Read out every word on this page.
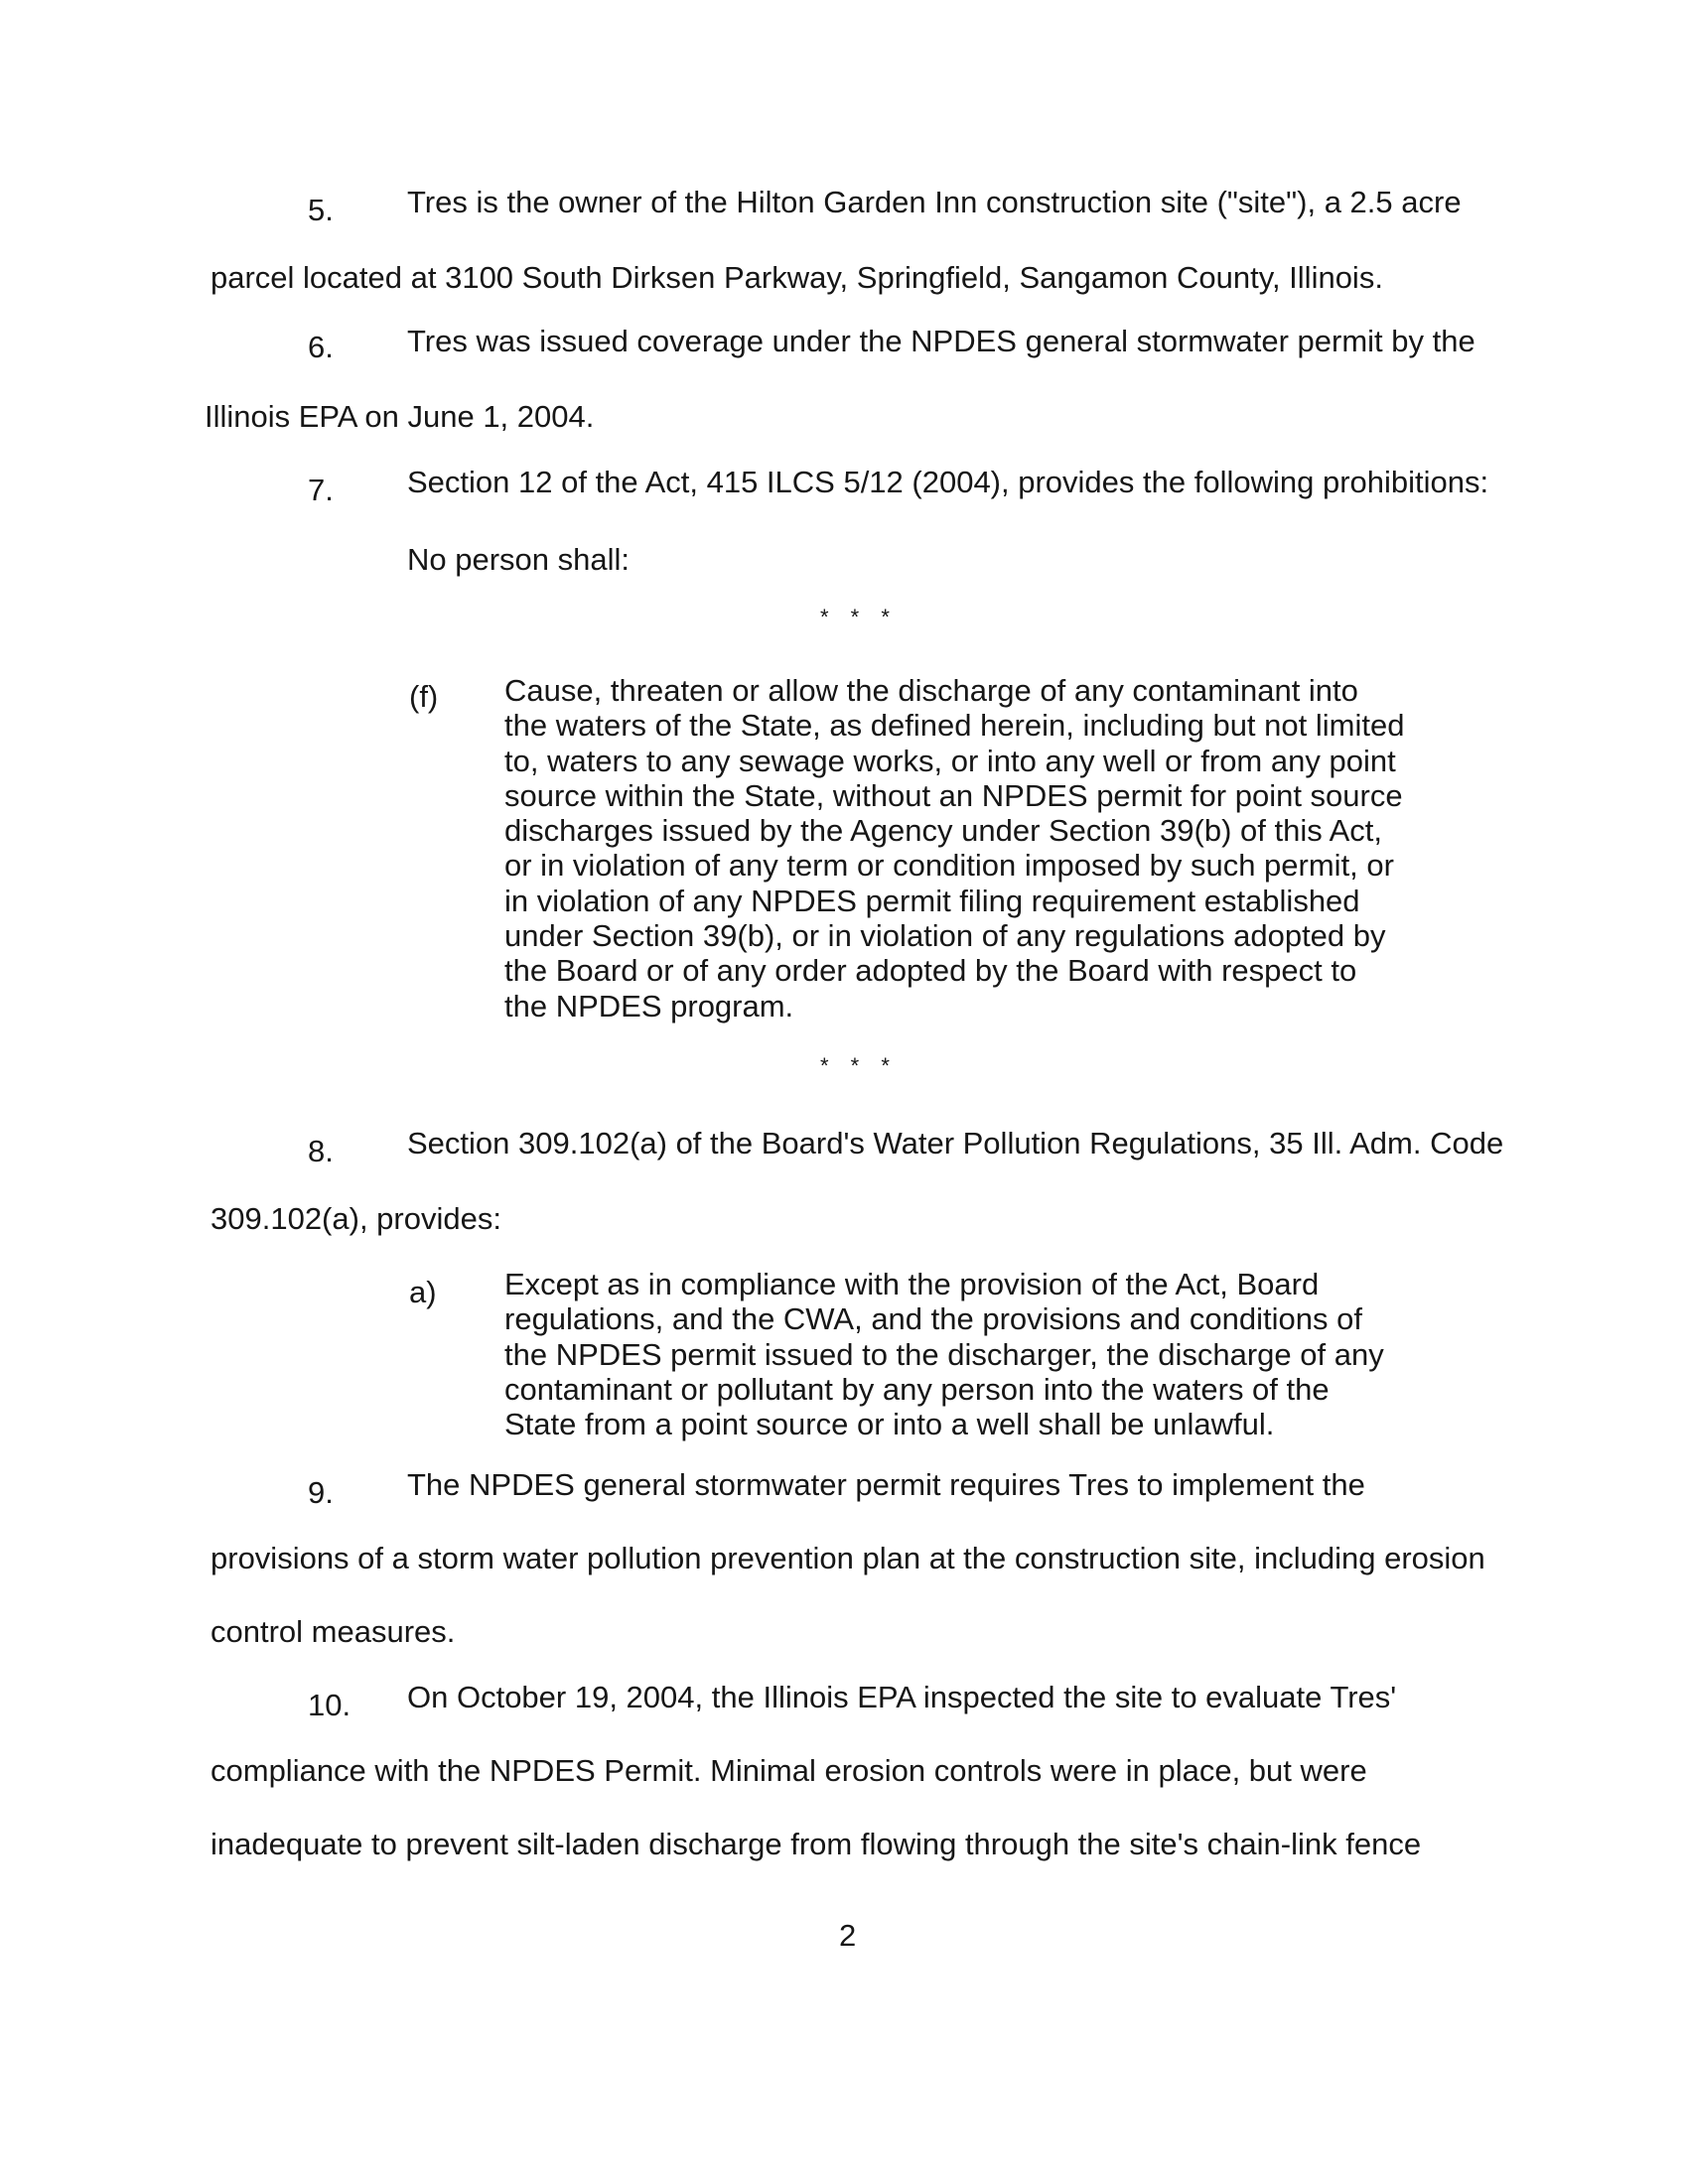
5. Tres is the owner of the Hilton Garden Inn construction site ("site"), a 2.5 acre
parcel located at 3100 South Dirksen Parkway, Springfield, Sangamon County, Illinois.
6. Tres was issued coverage under the NPDES general stormwater permit by the
Illinois EPA on June 1, 2004.
7. Section 12 of the Act, 415 ILCS 5/12 (2004), provides the following prohibitions:
No person shall:
* * *
(f) Cause, threaten or allow the discharge of any contaminant into
the waters of the State, as defined herein, including but not limited
to, waters to any sewage works, or into any well or from any point
source within the State, without an NPDES permit for point source
discharges issued by the Agency under Section 39(b) of this Act,
or in violation of any term or condition imposed by such permit, or
in violation of any NPDES permit filing requirement established
under Section 39(b), or in violation of any regulations adopted by
the Board or of any order adopted by the Board with respect to
the NPDES program.
* * *
8. Section 309.102(a) of the Board's Water Pollution Regulations, 35 Ill. Adm. Code
309.102(a), provides:
a) Except as in compliance with the provision of the Act, Board
regulations, and the CWA, and the provisions and conditions of
the NPDES permit issued to the discharger, the discharge of any
contaminant or pollutant by any person into the waters of the
State from a point source or into a well shall be unlawful.
9. The NPDES general stormwater permit requires Tres to implement the
provisions of a storm water pollution prevention plan at the construction site, including erosion
control measures.
10. On October 19, 2004, the Illinois EPA inspected the site to evaluate Tres'
compliance with the NPDES Permit. Minimal erosion controls were in place, but were
inadequate to prevent silt-laden discharge from flowing through the site's chain-link fence
2
